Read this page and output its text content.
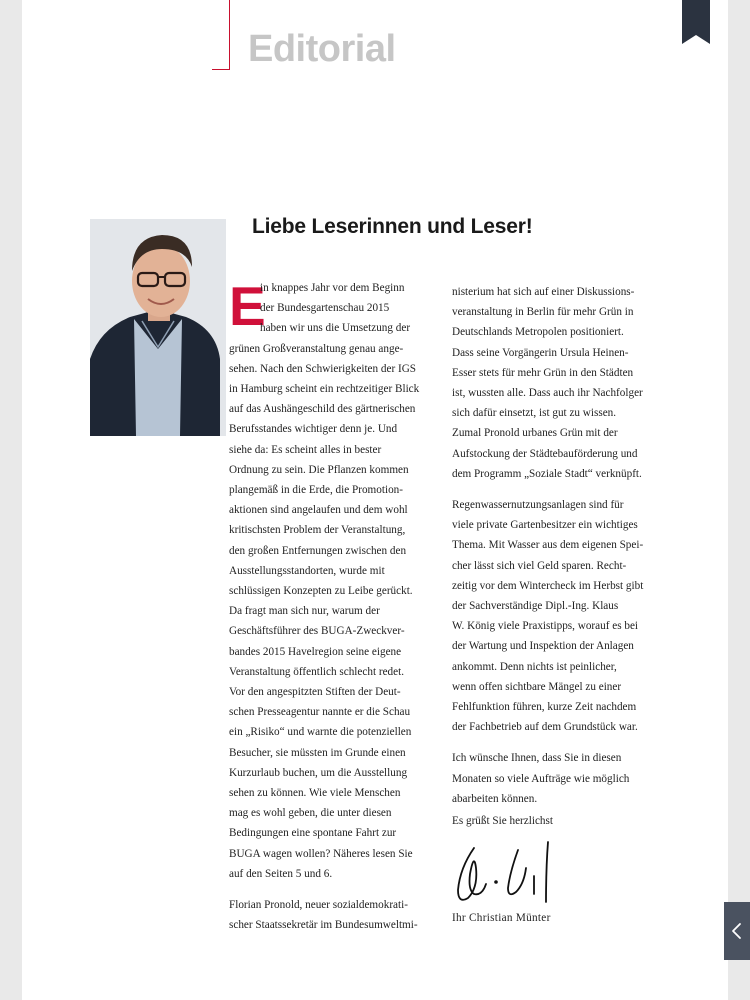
Editorial
Liebe Leserinnen und Leser!
E

in knappes Jahr vor dem Beginn
der Bundesgartenschau 2015
haben wir uns die Umsetzung der
grünen Großveranstaltung genau ange-
sehen. Nach den Schwierigkeiten der IGS
in Hamburg scheint ein rechtzeitiger Blick
auf das Aushängeschild des gärtnerischen
Berufsstandes wichtiger denn je. Und
siehe da: Es scheint alles in bester
Ordnung zu sein. Die Pflanzen kommen
plangemäß in die Erde, die Promotion-
aktionen sind angelaufen und dem wohl
kritischsten Problem der Veranstaltung,
den großen Entfernungen zwischen den
Ausstellungsstandorten, wurde mit
schlüssigen Konzepten zu Leibe gerückt.
Da fragt man sich nur, warum der
Geschäftsführer des BUGA-Zweckver-
bandes 2015 Havelregion seine eigene
Veranstaltung öffentlich schlecht redet.
Vor den angespitzten Stiften der Deut-
schen Presseagentur nannte er die Schau
ein „Risiko“ und warnte die potenziellen
Besucher, sie müssten im Grunde einen
Kurzurlaub buchen, um die Ausstellung
sehen zu können. Wie viele Menschen
mag es wohl geben, die unter diesen
Bedingungen eine spontane Fahrt zur
BUGA wagen wollen? Näheres lesen Sie
auf den Seiten 5 und 6.

Florian Pronold, neuer sozialdemokrati-
scher Staatssekretär im Bundesumweltmi-

nisterium hat sich auf einer Diskussions-
veranstaltung in Berlin für mehr Grün in
Deutschlands Metropolen positioniert.
Dass seine Vorgängerin Ursula Heinen-
Esser stets für mehr Grün in den Städten
ist, wussten alle. Dass auch ihr Nachfolger
sich dafür einsetzt, ist gut zu wissen.
Zumal Pronold urbanes Grün mit der
Aufstockung der Städtebauförderung und
dem Programm „Soziale Stadt“ verknüpft.

Regenwassernutzungsanlagen sind für
viele private Gartenbesitzer ein wichtiges
Thema. Mit Wasser aus dem eigenen Spei-
cher lässt sich viel Geld sparen. Recht-
zeitig vor dem Wintercheck im Herbst gibt
der Sachverständige Dipl.-Ing. Klaus
W. König viele Praxistipps, worauf es bei
der Wartung und Inspektion der Anlagen
ankommt. Denn nichts ist peinlicher,
wenn offen sichtbare Mängel zu einer
Fehlfunktion führen, kurze Zeit nachdem
der Fachbetrieb auf dem Grundstück war.

Ich wünsche Ihnen, dass Sie in diesen
Monaten so viele Aufträge wie möglich
abarbeiten können.

Es grüßt Sie herzlichst
Ihr Christian Münter
